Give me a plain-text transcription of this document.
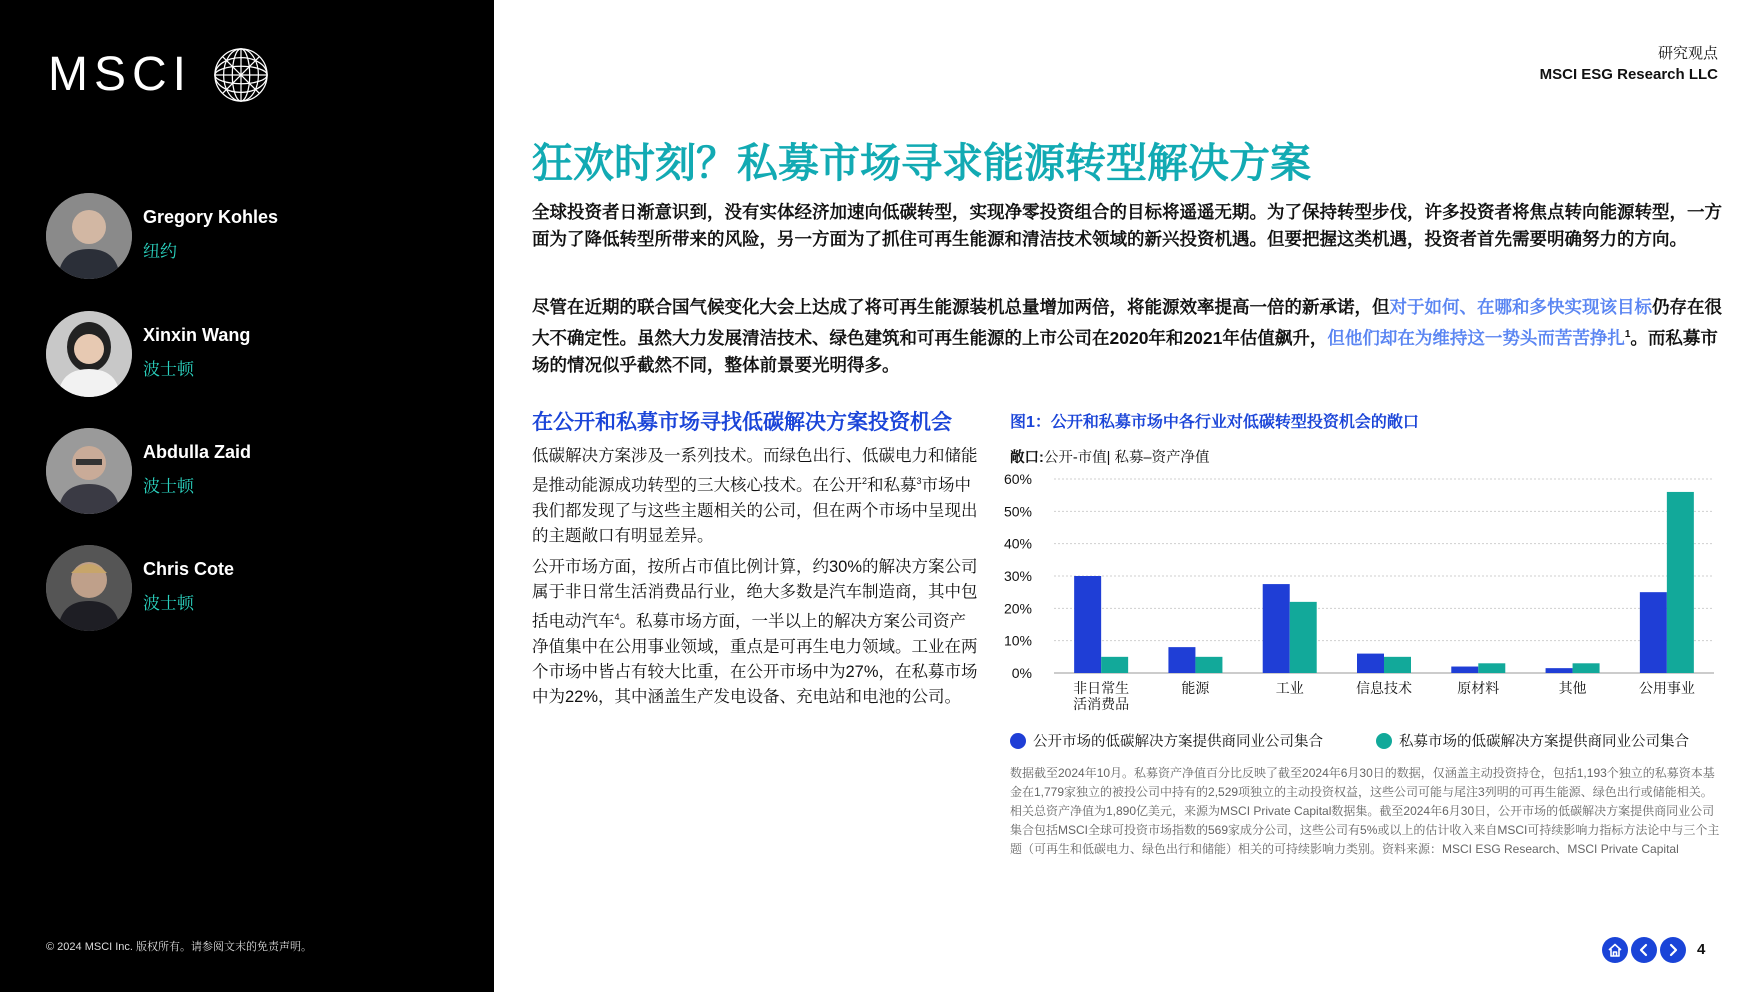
MSCI
Gregory Kohles
纽约
Xinxin Wang
波士顿
Abdulla Zaid
波士顿
Chris Cote
波士顿
© 2024 MSCI Inc. 版权所有。请参阅文末的免责声明。
研究观点
MSCI ESG Research LLC
狂欢时刻？私募市场寻求能源转型解决方案

全球投资者日渐意识到，没有实体经济加速向低碳转型，实现净零投资组合的目标将遥遥无期。为了保持转型步伐，许多投资者将焦点转向能源转型，一方面为了降低转型所带来的风险，另一方面为了抓住可再生能源和清洁技术领域的新兴投资机遇。但要把握这类机遇，投资者首先需要明确努力的方向。

尽管在近期的联合国气候变化大会上达成了将可再生能源装机总量增加两倍，将能源效率提高一倍的新承诺，但对于如何、在哪和多快实现该目标仍存在很大不确定性。虽然大力发展清洁技术、绿色建筑和可再生能源的上市公司在2020年和2021年估值飙升，但他们却在为维持这一势头而苦苦挣扎$^1$。而私募市场的情况似乎截然不同，整体前景要光明得多。

在公开和私募市场寻找低碳解决方案投资机会

低碳解决方案涉及一系列技术。而绿色出行、低碳电力和储能是推动能源成功转型的三大核心技术。在公开$^2$和私募$^3$市场中我们都发现了与这些主题相关的公司，但在两个市场中呈现出的主题敞口有明显差异。

公开市场方面，按所占市值比例计算，约30%的解决方案公司属于非日常生活消费品行业，绝大多数是汽车制造商，其中包括电动汽车$^4$。私募市场方面，一半以上的解决方案公司资产净值集中在公用事业领域，重点是可再生电力领域。工业在两个市场中皆占有较大比重，在公开市场中为27%，在私募市场中为22%，其中涵盖生产发电设备、充电站和电池的公司。

图1：公开和私募市场中各行业对低碳转型投资机会的敞口
敞口:公开-市值| 私募–资产净值
0%
10%
20%
30%
40%
50%
60%
非日常生
活消费品
能源	工业	信息技术	原材料	其他	公用事业
公开市场的低碳解决方案提供商同业公司集合	私募市场的低碳解决方案提供商同业公司集合
数据截至2024年10月。私募资产净值百分比反映了截至2024年6月30日的数据，仅涵盖主动投资持仓，包括1,193个独立的私募资本基金在1,779家独立的被投公司中持有的2,529项独立的主动投资权益，这些公司可能与尾注3列明的可再生能源、绿色出行或储能相关。相关总资产净值为1,890亿美元，来源为MSCI Private Capital数据集。截至2024年6月30日，公开市场的低碳解决方案提供商同业公司集合包括MSCI全球可投资市场指数的569家成分公司，这些公司有5%或以上的估计收入来自MSCI可持续影响力指标方法论中与三个主题（可再生和低碳电力、绿色出行和储能）相关的可持续影响力类别。资料来源：MSCI ESG Research、MSCI Private Capital
4
